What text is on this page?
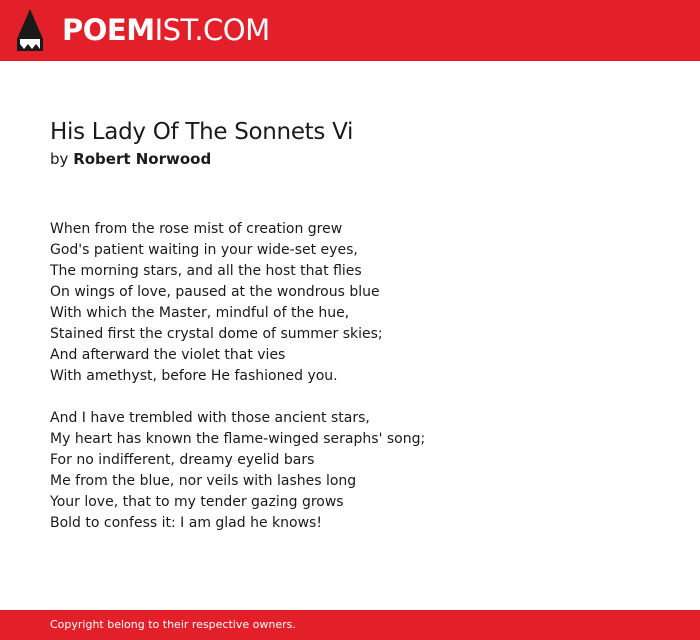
POEMIST.COM
His Lady Of The Sonnets Vi
by Robert Norwood
When from the rose mist of creation grew
God's patient waiting in your wide-set eyes,
The morning stars, and all the host that flies
On wings of love, paused at the wondrous blue
With which the Master, mindful of the hue,
Stained first the crystal dome of summer skies;
And afterward the violet that vies
With amethyst, before He fashioned you.
And I have trembled with those ancient stars,
My heart has known the flame-winged seraphs' song;
For no indifferent, dreamy eyelid bars
Me from the blue, nor veils with lashes long
Your love, that to my tender gazing grows
Bold to confess it: I am glad he knows!
Copyright belong to their respective owners.
